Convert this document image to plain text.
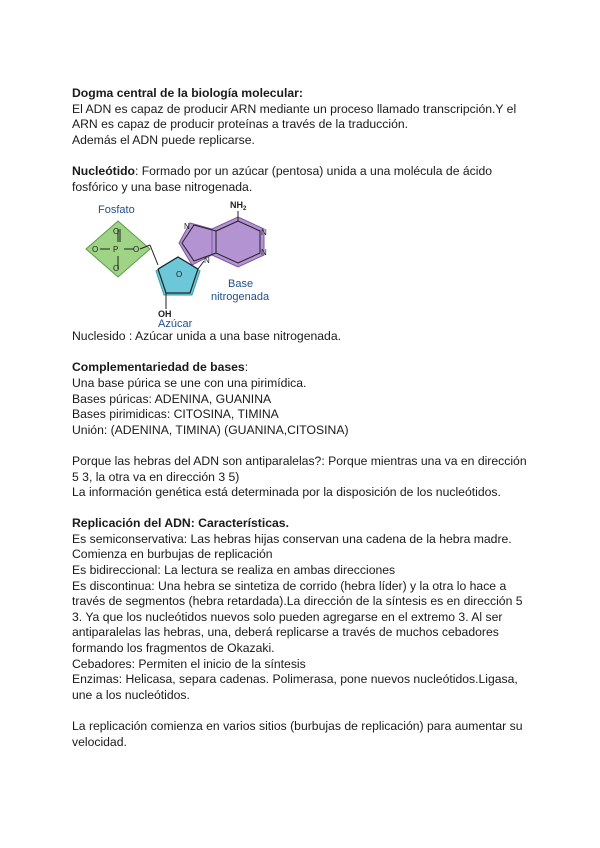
Dogma central de la biología molecular:

El ADN es capaz de producir ARN mediante un proceso llamado transcripción.Y el

ARN es capaz de producir proteínas a través de la traducción.

Además el ADN puede replicarse.

Nucleótido: Formado por un azúcar (pentosa) unida a una molécula de ácido

fosfórico y una base nitrogenada.

O
P
O
O	O
O
N
N
N
N
$NH_2$
OH
Fosfato
Base
nitrogenada
Azúcar

Nuclesido : Azúcar unida a una base nitrogenada.

Complementariedad de bases:

Una base púrica se une con una pirimídica.

Bases púricas: ADENINA, GUANINA

Bases pirimidicas: CITOSINA, TIMINA

Unión: (ADENINA, TIMINA) (GUANINA,CITOSINA)

Porque las hebras del ADN son antiparalelas?: Porque mientras una va en dirección

5 3, la otra va en dirección 3 5)

La información genética está determinada por la disposición de los nucleótidos.

Replicación del ADN: Características.

Es semiconservativa: Las hebras hijas conservan una cadena de la hebra madre.

Comienza en burbujas de replicación

Es bidireccional: La lectura se realiza en ambas direcciones

Es discontinua: Una hebra se sintetiza de corrido (hebra líder) y la otra lo hace a

través de segmentos (hebra retardada).La dirección de la síntesis es en dirección 5

3. Ya que los nucleótidos nuevos solo pueden agregarse en el extremo 3. Al ser

antiparalelas las hebras, una, deberá replicarse a través de muchos cebadores

formando los fragmentos de Okazaki.

Cebadores: Permiten el inicio de la síntesis

Enzimas: Helicasa, separa cadenas. Polimerasa, pone nuevos nucleótidos.Ligasa,

une a los nucleótidos.

La replicación comienza en varios sitios (burbujas de replicación) para aumentar su

velocidad.
